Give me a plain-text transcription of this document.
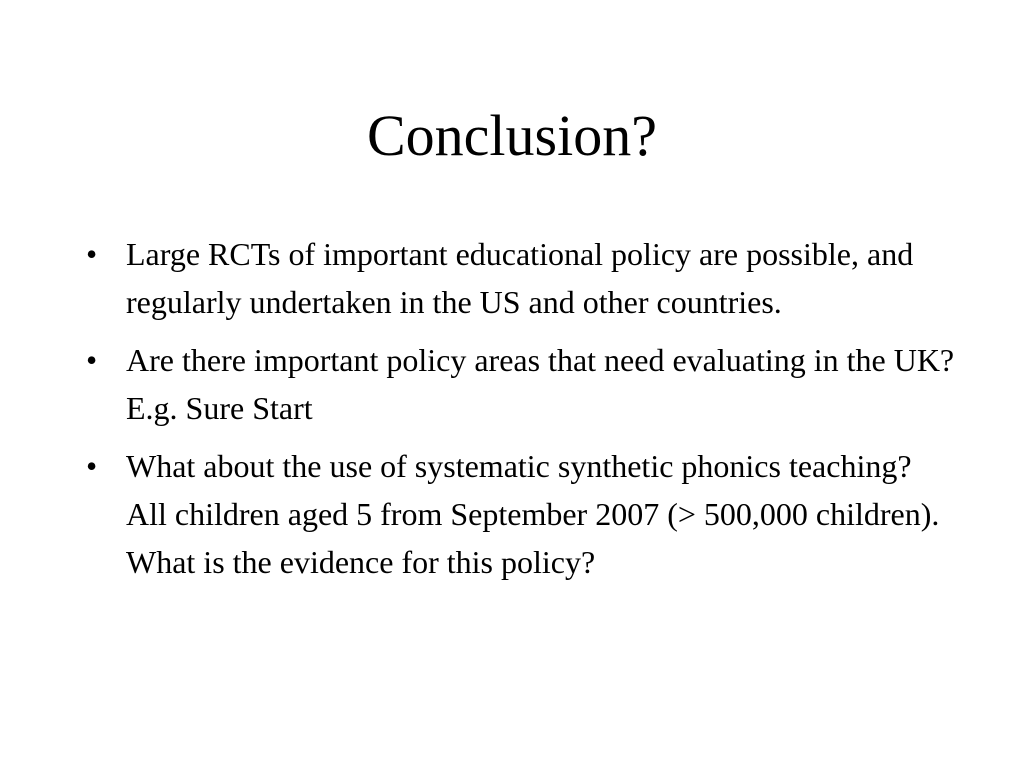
Conclusion?
• Large RCTs of important educational policy are possible, and regularly undertaken in the US and other countries.
• Are there important policy areas that need evaluating in the UK?  E.g. Sure Start
• What about the use of systematic synthetic phonics teaching?  All children aged 5 from September 2007 (> 500,000 children).  What is the evidence for this policy?
